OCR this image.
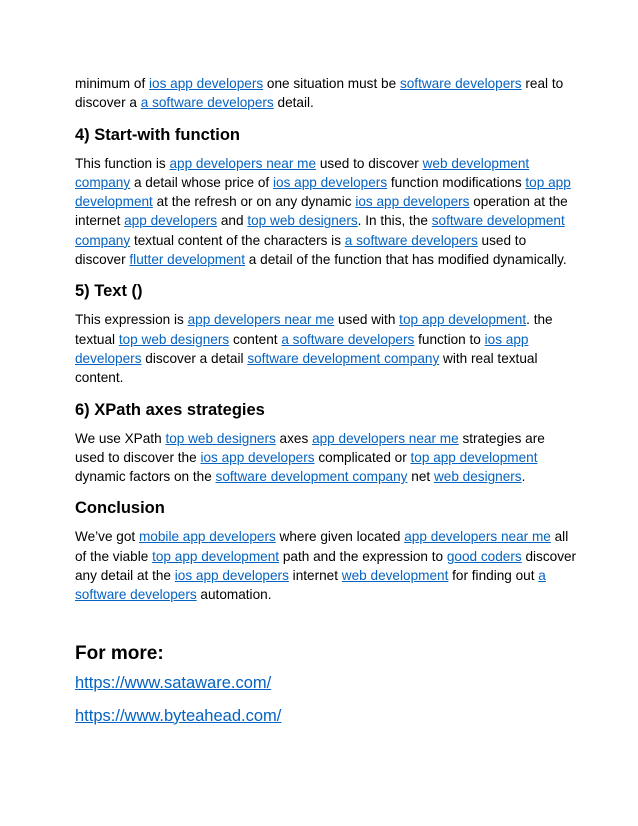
minimum of ios app developers one situation must be software developers real to discover a a software developers detail.

4) Start-with function

This function is app developers near me used to discover web development company a detail whose price of ios app developers function modifications top app development at the refresh or on any dynamic ios app developers operation at the internet app developers and top web designers. In this, the software development company textual content of the characters is a software developers used to discover flutter development a detail of the function that has modified dynamically.

5) Text ()

This expression is app developers near me used with top app development. the textual top web designers content a software developers function to ios app developers discover a detail software development company with real textual content.

6) XPath axes strategies

We use XPath top web designers axes app developers near me strategies are used to discover the ios app developers complicated or top app development dynamic factors on the software development company net web designers.

Conclusion

We’ve got mobile app developers where given located app developers near me all of the viable top app development path and the expression to good coders discover any detail at the ios app developers internet web development for finding out a software developers automation.

For more:
https://www.sataware.com/
https://www.byteahead.com/
